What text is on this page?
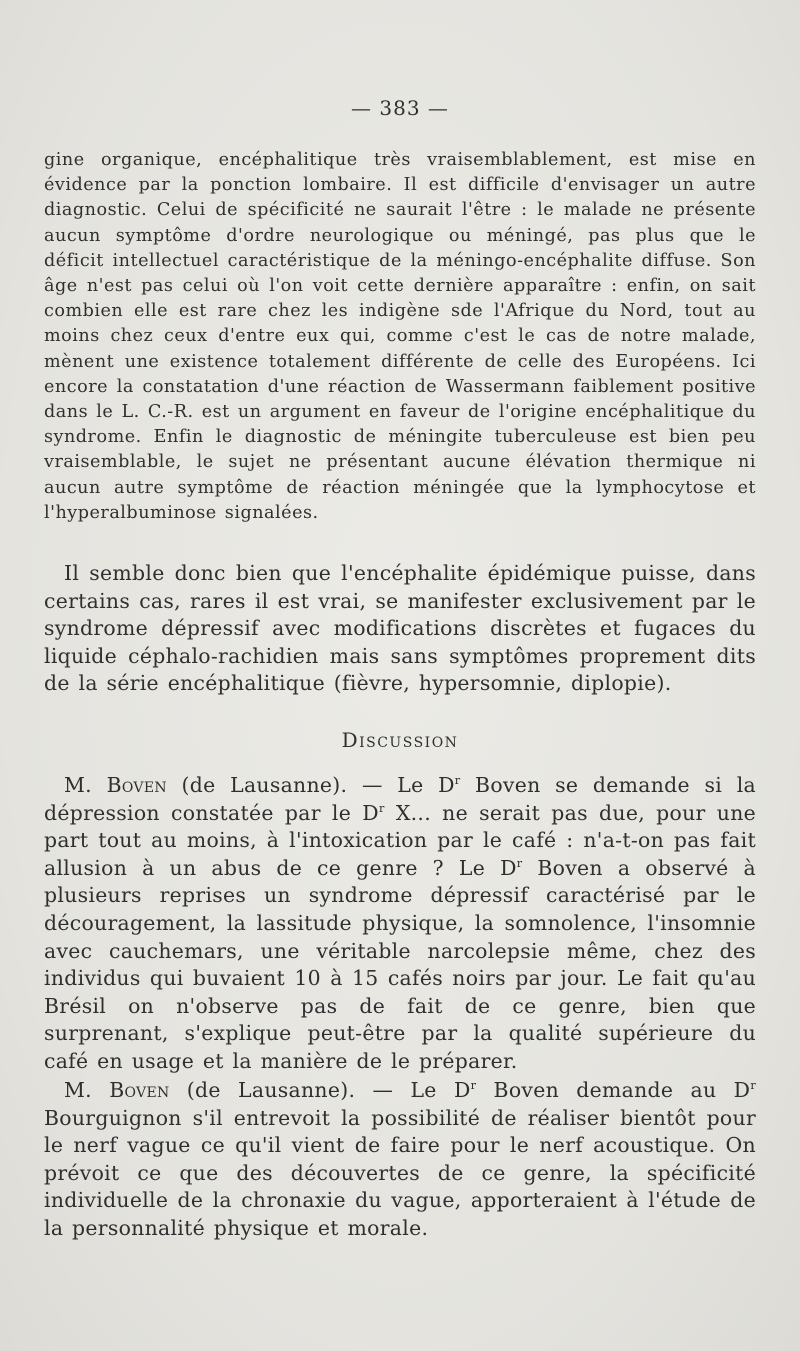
— 383 —

gine organique, encéphalitique très vraisemblablement, est mise en évidence par la ponction lombaire. Il est difficile d'envisager un autre diagnostic. Celui de spécificité ne saurait l'être : le malade ne présente aucun symptôme d'ordre neurologique ou méningé, pas plus que le déficit intellectuel caractéristique de la méningo-encéphalite diffuse. Son âge n'est pas celui où l'on voit cette dernière apparaître : enfin, on sait combien elle est rare chez les indigène sde l'Afrique du Nord, tout au moins chez ceux d'entre eux qui, comme c'est le cas de notre malade, mènent une existence totalement différente de celle des Européens. Ici encore la constatation d'une réaction de Wassermann faiblement positive dans le L. C.-R. est un argument en faveur de l'origine encéphalitique du syndrome. Enfin le diagnostic de méningite tuberculeuse est bien peu vraisemblable, le sujet ne présentant aucune élévation thermique ni aucun autre symptôme de réaction méningée que la lymphocytose et l'hyperalbuminose signalées.

Il semble donc bien que l'encéphalite épidémique puisse, dans certains cas, rares il est vrai, se manifester exclusivement par le syndrome dépressif avec modifications discrètes et fugaces du liquide céphalo-rachidien mais sans symptômes proprement dits de la série encéphalitique (fièvre, hypersomnie, diplopie).

Discussion

M. Boven (de Lausanne). — Le $D^r$ Boven se demande si la dépression constatée par le $D^r$ X... ne serait pas due, pour une part tout au moins, à l'intoxication par le café : n'a-t-on pas fait allusion à un abus de ce genre ? Le $D^r$ Boven a observé à plusieurs reprises un syndrome dépressif caractérisé par le découragement, la lassitude physique, la somnolence, l'insomnie avec cauchemars, une véritable narcolepsie même, chez des individus qui buvaient 10 à 15 cafés noirs par jour. Le fait qu'au Brésil on n'observe pas de fait de ce genre, bien que surprenant, s'explique peut-être par la qualité supérieure du café en usage et la manière de le préparer.

M. Boven (de Lausanne). — Le $D^r$ Boven demande au $D^r$ Bourguignon s'il entrevoit la possibilité de réaliser bientôt pour le nerf vague ce qu'il vient de faire pour le nerf acoustique. On prévoit ce que des découvertes de ce genre, la spécificité individuelle de la chronaxie du vague, apporteraient à l'étude de la personnalité physique et morale.
